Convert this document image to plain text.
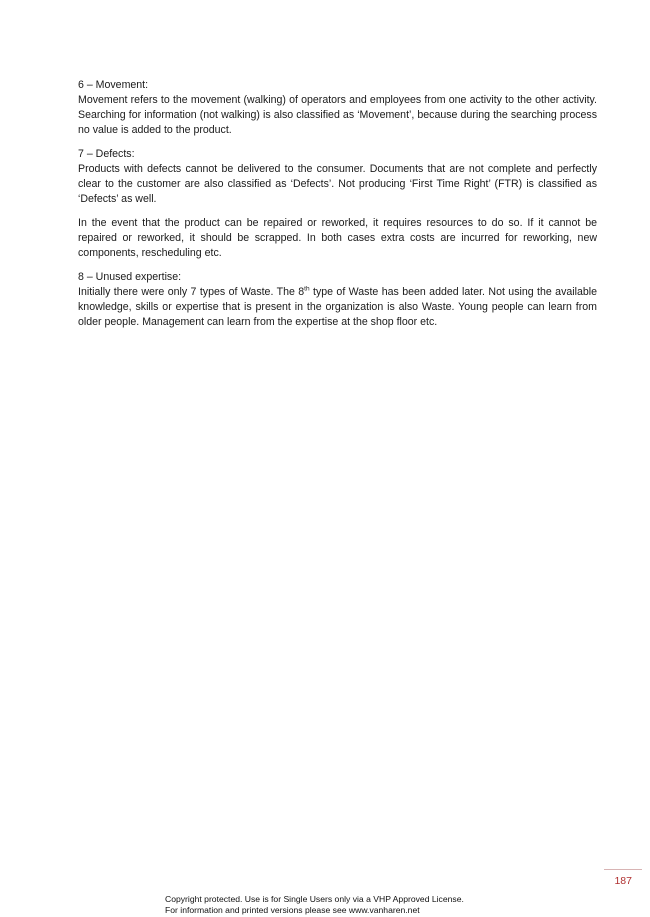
6 – Movement:

Movement refers to the movement (walking) of operators and employees from one activity to the other activity. Searching for information (not walking) is also classified as ‘Movement’, because during the searching process no value is added to the product.

7 – Defects:

Products with defects cannot be delivered to the consumer. Documents that are not complete and perfectly clear to the customer are also classified as ‘Defects’. Not producing ‘First Time Right’ (FTR) is classified as ‘Defects’ as well.

In the event that the product can be repaired or reworked, it requires resources to do so. If it cannot be repaired or reworked, it should be scrapped. In both cases extra costs are incurred for reworking, new components, rescheduling etc.

8 – Unused expertise:

Initially there were only 7 types of Waste. The 8th type of Waste has been added later. Not using the available knowledge, skills or expertise that is present in the organization is also Waste. Young people can learn from older people. Management can learn from the expertise at the shop floor etc.

187
Copyright protected. Use is for Single Users only via a VHP Approved License.
For information and printed versions please see www.vanharen.net
